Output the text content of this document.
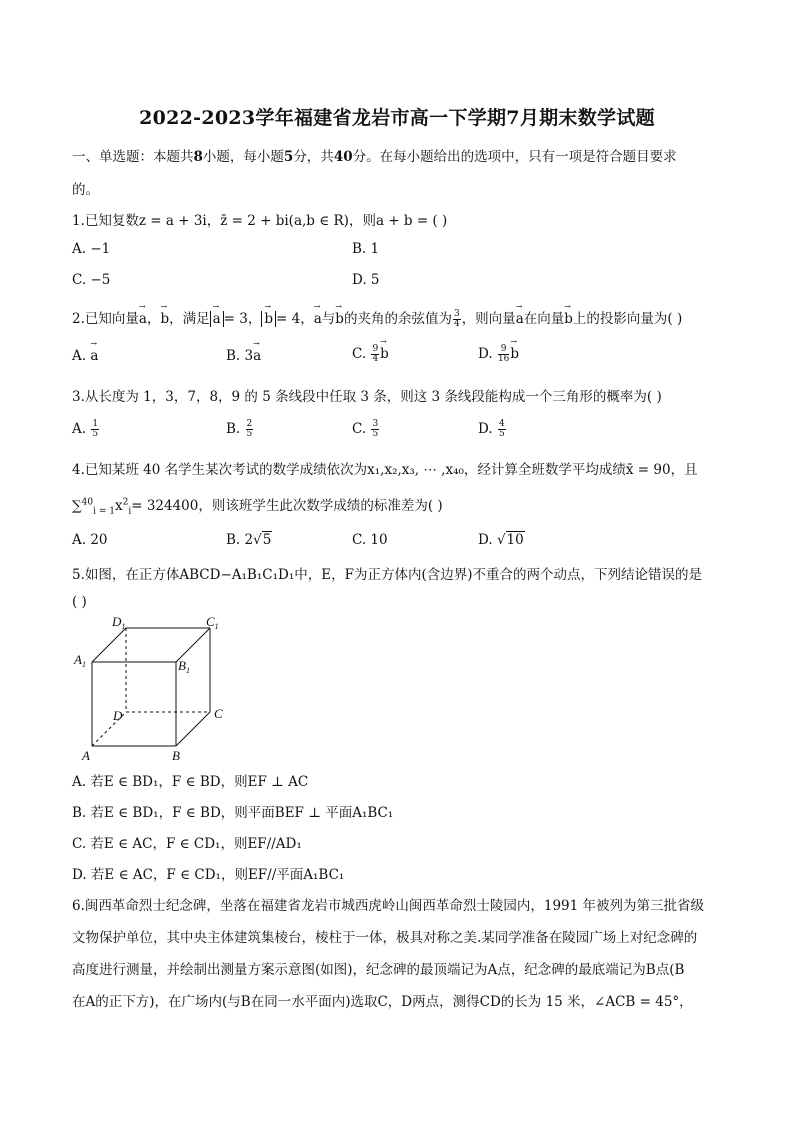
2022-2023学年福建省龙岩市高一下学期7月期末数学试题
一、单选题：本题共8小题，每小题5分，共40分。在每小题给出的选项中，只有一项是符合题目要求
的。
1.已知复数z = a + 3i，z̄ = 2 + bi(a,b ∈ R)，则a + b = ( )
A. −1	B. 1
C. −5	D. 5
2.已知向量→ a，→ b，满足→ a = 3，→ b = 4，→ a与→ b的夹角的余弦值为 $\frac{3}{4}$ ，则向量→ a在向量→ b上的投影向量为( )
A. → a	B. 3→ a	C. $\frac{9}{4}$
→ b	D. $\frac{9}{16}$
→ b
3.从长度为 1，3，7，8，9 的 5 条线段中任取 3 条，则这 3 条线段能构成一个三角形的概率为( )
A. $\frac{1}{5}$	B. $\frac{2}{5}$	C. $\frac{3}{5}$	D. $\frac{4}{5}$
4.已知某班 40 名学生某次考试的数学成绩依次为x₁,x₂,x₃, ⋯ ,x₄₀，经计算全班数学平均成绩x̄ = 90，且
$\sum^{40}_{i = 1}x^2_i= 324400$，则该班学生此次数学成绩的标准差为( )
A. 20	B. 2√5	C. 10	D. √10
5.如图，在正方体ABCD−A₁B₁C₁D₁中，E，F为正方体内(含边界)不重合的两个动点，下列结论错误的是
( )
$D_1$	$C_1$
$A_1$	$B_1$
D	C
A	B
A. 若E ∈ BD₁，F ∈ BD，则EF ⊥ AC
B. 若E ∈ BD₁，F ∈ BD，则平面BEF ⊥ 平面A₁BC₁
C. 若E ∈ AC，F ∈ CD₁，则EF//AD₁
D. 若E ∈ AC，F ∈ CD₁，则EF//平面A₁BC₁
6.闽西革命烈士纪念碑，坐落在福建省龙岩市城西虎岭山闽西革命烈士陵园内，1991 年被列为第三批省级
文物保护单位，其中央主体建筑集棱台，棱柱于一体，极具对称之美.某同学准备在陵园广场上对纪念碑的
高度进行测量，并绘制出测量方案示意图(如图)，纪念碑的最顶端记为A点，纪念碑的最底端记为B点(B
在A的正下方)，在广场内(与B在同一水平面内)选取C，D两点，测得CD的长为 15 米，∠ACB = 45°，
